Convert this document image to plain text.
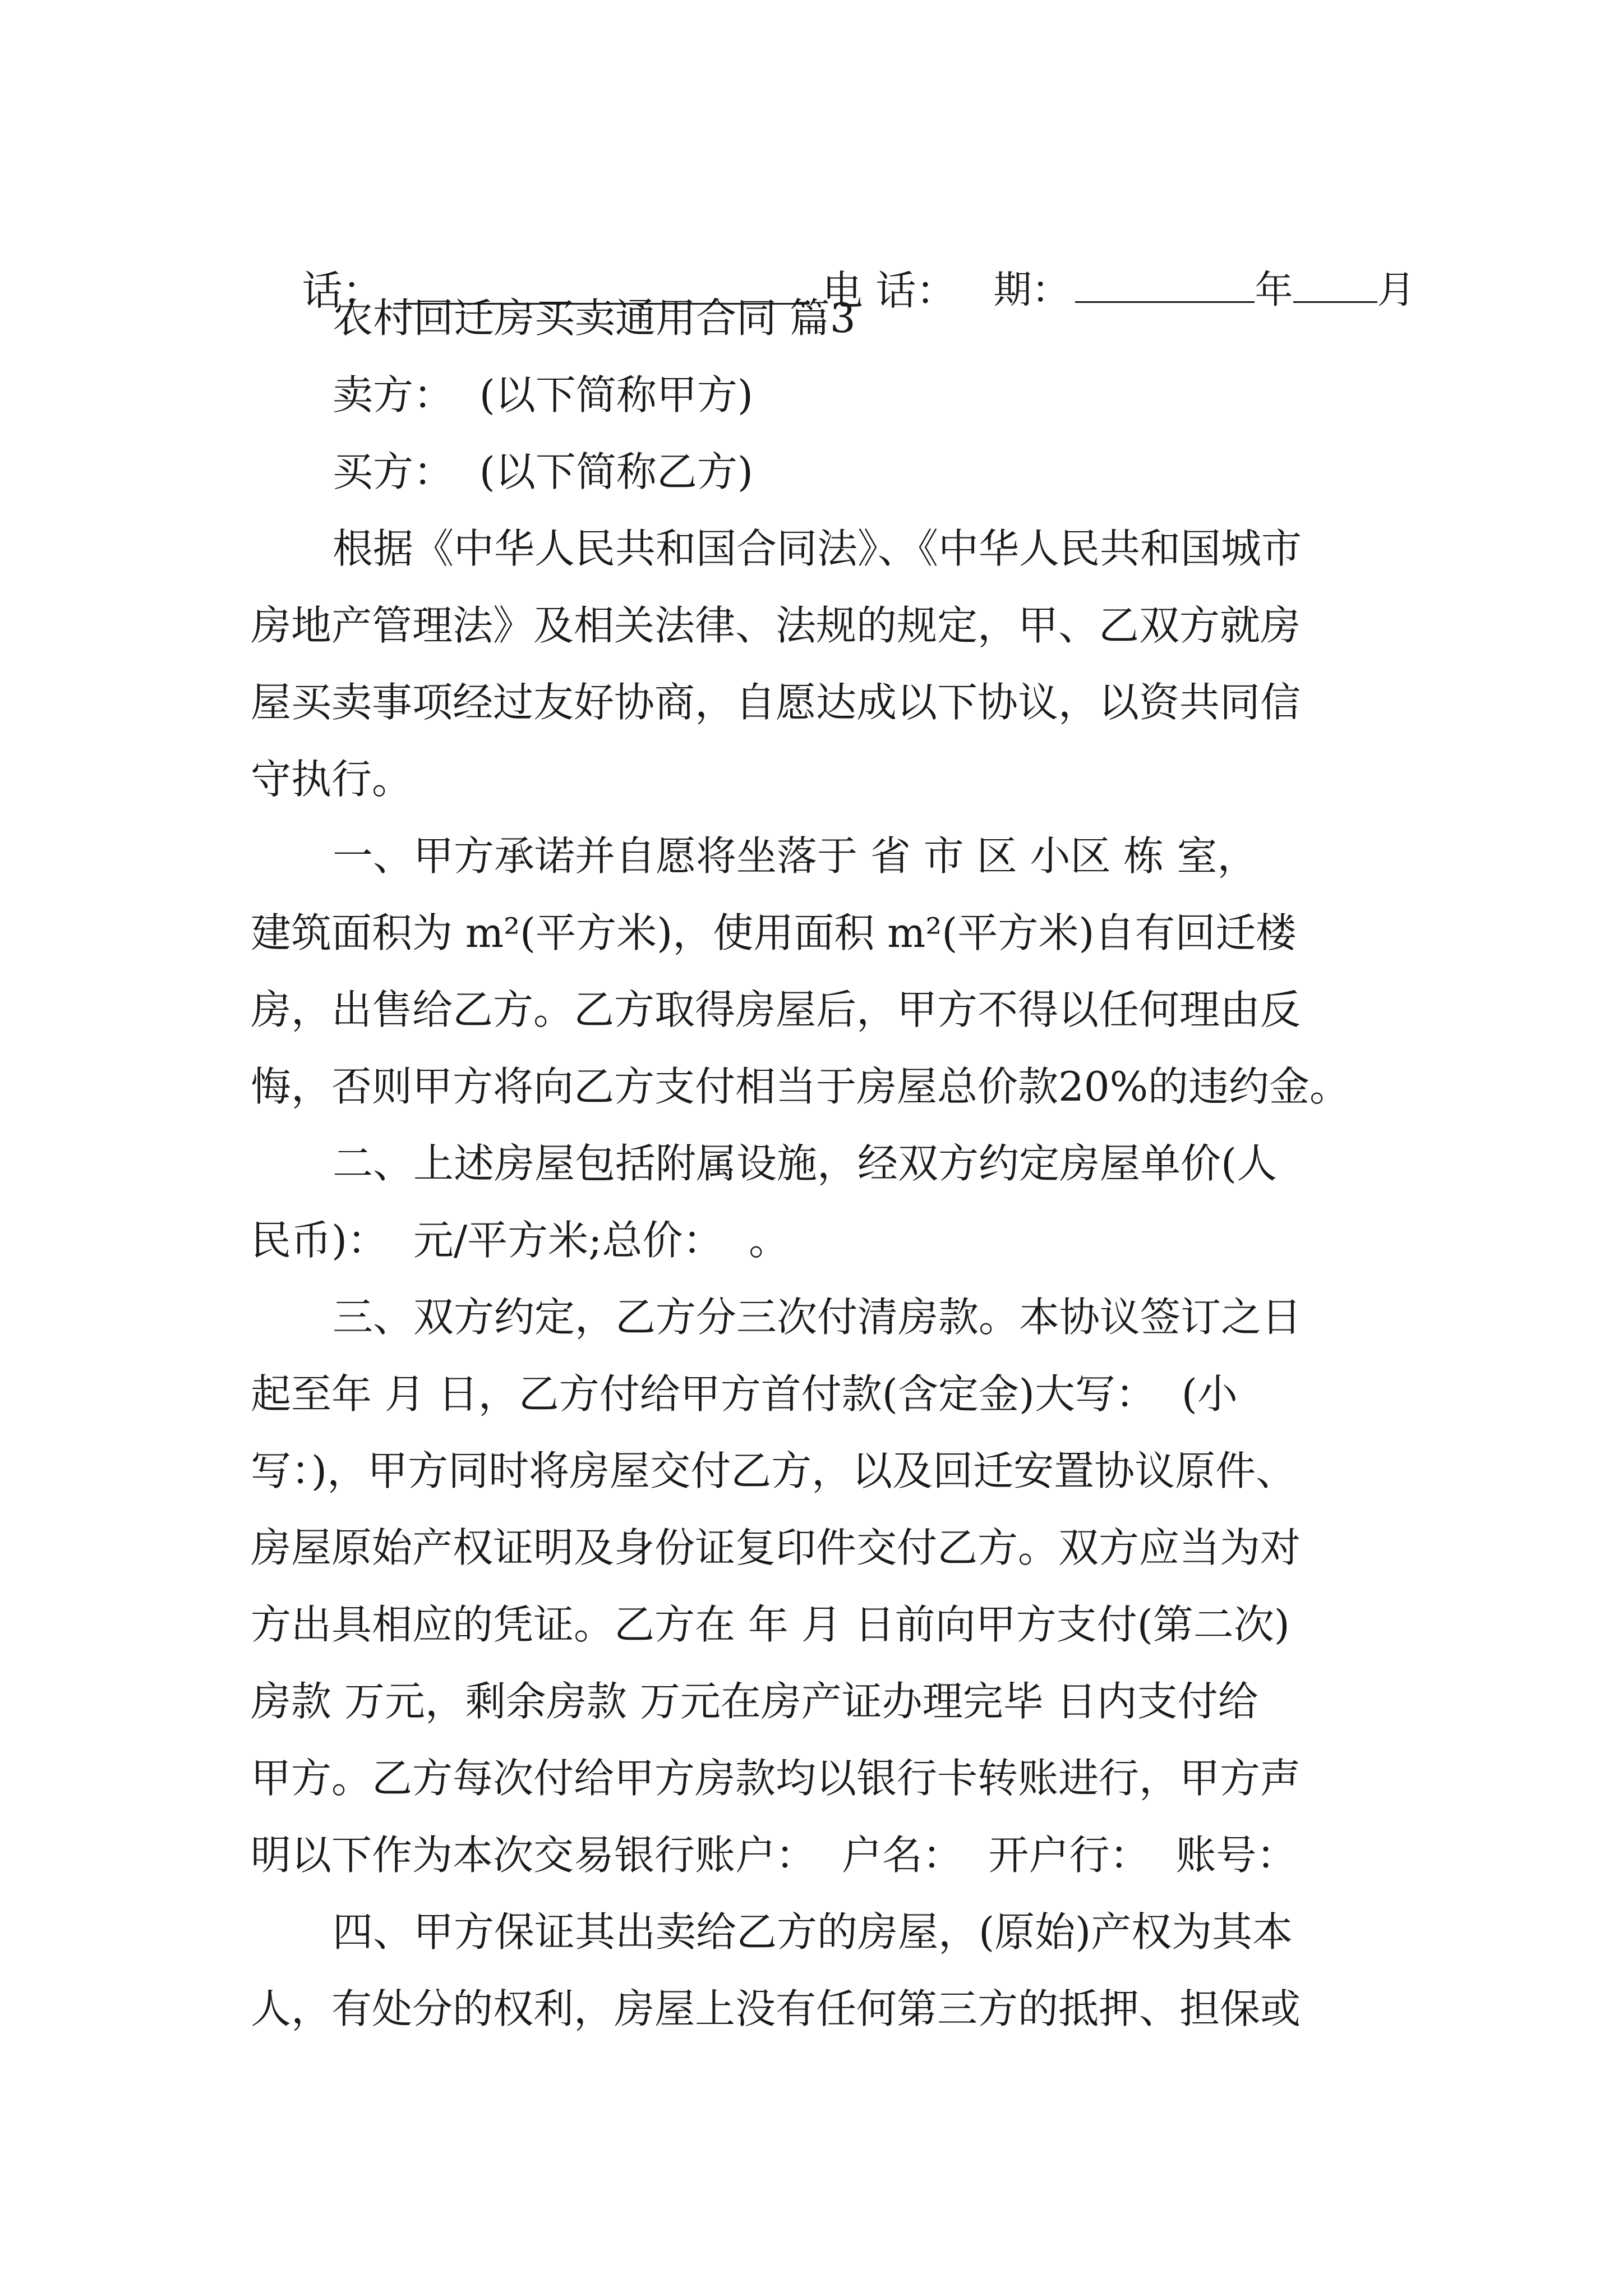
话：
	电 话：
期：	年 月

农村回迁房买卖通用合同 篇3
卖方：  (以下简称甲方)
买方：  (以下简称乙方)
根据《中华人民共和国合同法》、《中华人民共和国城市
房地产管理法》及相关法律、法规的规定，甲、乙双方就房
屋买卖事项经过友好协商，自愿达成以下协议，以资共同信
守执行。
一、甲方承诺并自愿将坐落于 省 市 区 小区 栋 室，
建筑面积为 m²(平方米)，使用面积 m²(平方米)自有回迁楼
房，出售给乙方。乙方取得房屋后，甲方不得以任何理由反
悔，否则甲方将向乙方支付相当于房屋总价款20%的违约金。
二、上述房屋包括附属设施，经双方约定房屋单价(人
民币)：  元/平方米;总价：  。
三、双方约定，乙方分三次付清房款。本协议签订之日
起至年 月 日，乙方付给甲方首付款(含定金)大写：  (小
写：)，甲方同时将房屋交付乙方，以及回迁安置协议原件、
房屋原始产权证明及身份证复印件交付乙方。双方应当为对
方出具相应的凭证。乙方在 年 月 日前向甲方支付(第二次)
房款 万元，剩余房款 万元在房产证办理完毕 日内支付给
甲方。乙方每次付给甲方房款均以银行卡转账进行，甲方声
明以下作为本次交易银行账户：  户名：  开户行：  账号：
四、甲方保证其出卖给乙方的房屋，(原始)产权为其本
人，有处分的权利，房屋上没有任何第三方的抵押、担保或
